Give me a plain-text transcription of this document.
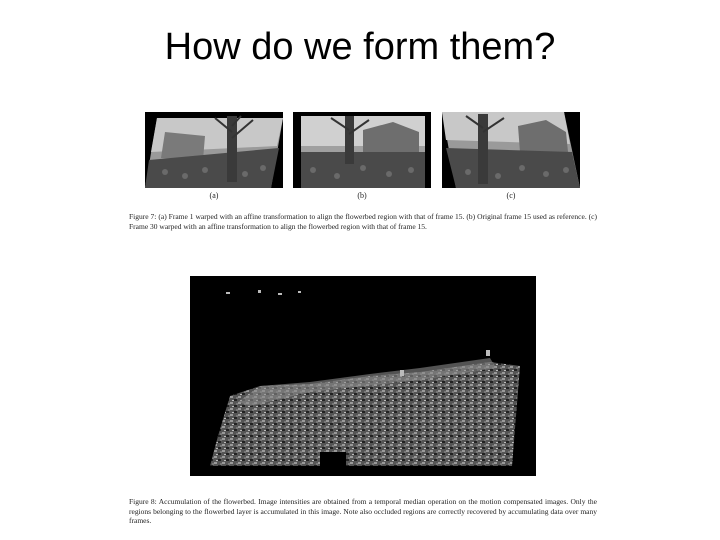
How do we form them?
(a)	(b)	(c)
Figure 7: (a) Frame 1 warped with an affine transformation to align the flowerbed region with that of frame 15. (b) Original frame 15 used as reference. (c) Frame 30 warped with an affine transformation to align the flowerbed region with that of frame 15.
Figure 8: Accumulation of the flowerbed. Image intensities are obtained from a temporal median operation on the motion compensated images. Only the regions belonging to the flowerbed layer is accumulated in this image. Note also occluded regions are correctly recovered by accumulating data over many frames.
